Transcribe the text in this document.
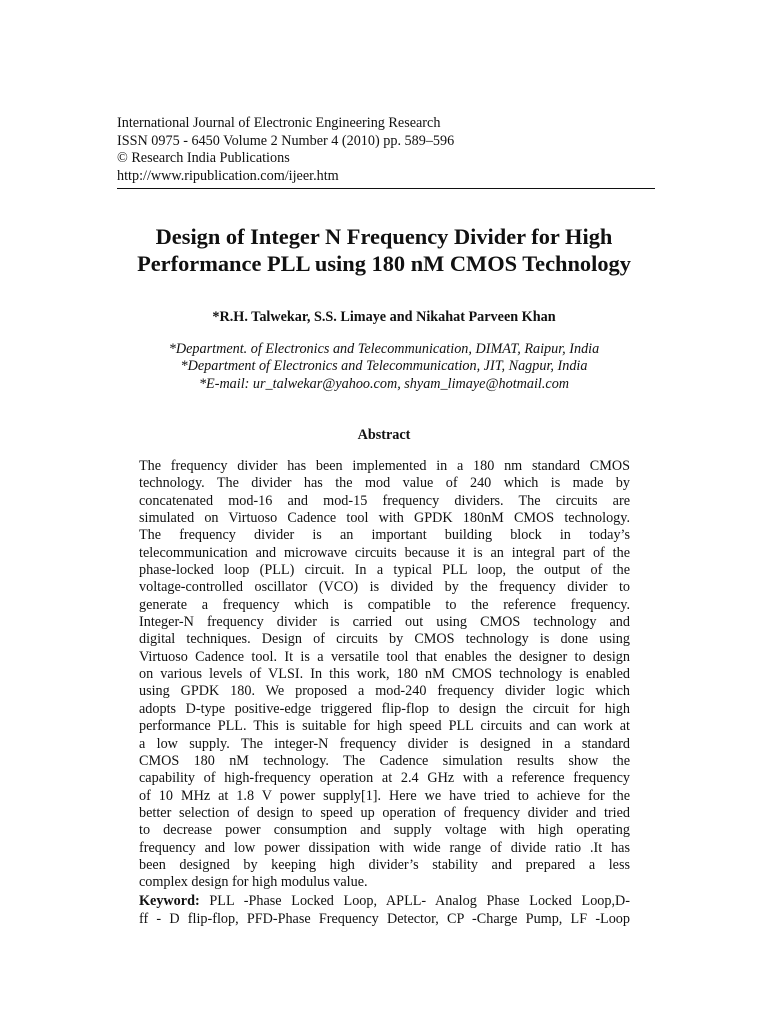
International Journal of Electronic Engineering Research
ISSN 0975 - 6450 Volume 2 Number 4 (2010) pp. 589–596
© Research India Publications
http://www.ripublication.com/ijeer.htm
Design of Integer N Frequency Divider for High
Performance PLL using 180 nM CMOS Technology
*R.H. Talwekar, S.S. Limaye and Nikahat Parveen Khan
*Department. of Electronics and Telecommunication, DIMAT, Raipur, India
*Department of Electronics and Telecommunication, JIT, Nagpur, India
*E-mail: ur_talwekar@yahoo.com, shyam_limaye@hotmail.com
Abstract
The frequency divider has been implemented in a 180 nm standard CMOS
technology. The divider has the mod value of 240 which is made by
concatenated mod-16 and mod-15 frequency dividers. The circuits are
simulated on Virtuoso Cadence tool with GPDK 180nM CMOS technology.
The frequency divider is an important building block in today’s
telecommunication and microwave circuits because it is an integral part of the
phase-locked loop (PLL) circuit. In a typical PLL loop, the output of the
voltage-controlled oscillator (VCO) is divided by the frequency divider to
generate a frequency which is compatible to the reference frequency.
Integer-N frequency divider is carried out using CMOS technology and
digital techniques. Design of circuits by CMOS technology is done using
Virtuoso Cadence tool. It is a versatile tool that enables the designer to design
on various levels of VLSI. In this work, 180 nM CMOS technology is enabled
using GPDK 180. We proposed a mod-240 frequency divider logic which
adopts D-type positive-edge triggered flip-flop to design the circuit for high
performance PLL. This is suitable for high speed PLL circuits and can work at
a low supply. The integer-N frequency divider is designed in a standard
CMOS 180 nM technology. The Cadence simulation results show the
capability of high-frequency operation at 2.4 GHz with a reference frequency
of 10 MHz at 1.8 V power supply[1]. Here we have tried to achieve for the
better selection of design to speed up operation of frequency divider and tried
to decrease power consumption and supply voltage with high operating
frequency and low power dissipation with wide range of divide ratio .It has
been designed by keeping high divider’s stability and prepared a less
complex design for high modulus value.
Keyword: PLL -Phase Locked Loop, APLL- Analog Phase Locked Loop,D-
ff - D flip-flop, PFD-Phase Frequency Detector, CP -Charge Pump, LF -Loop
